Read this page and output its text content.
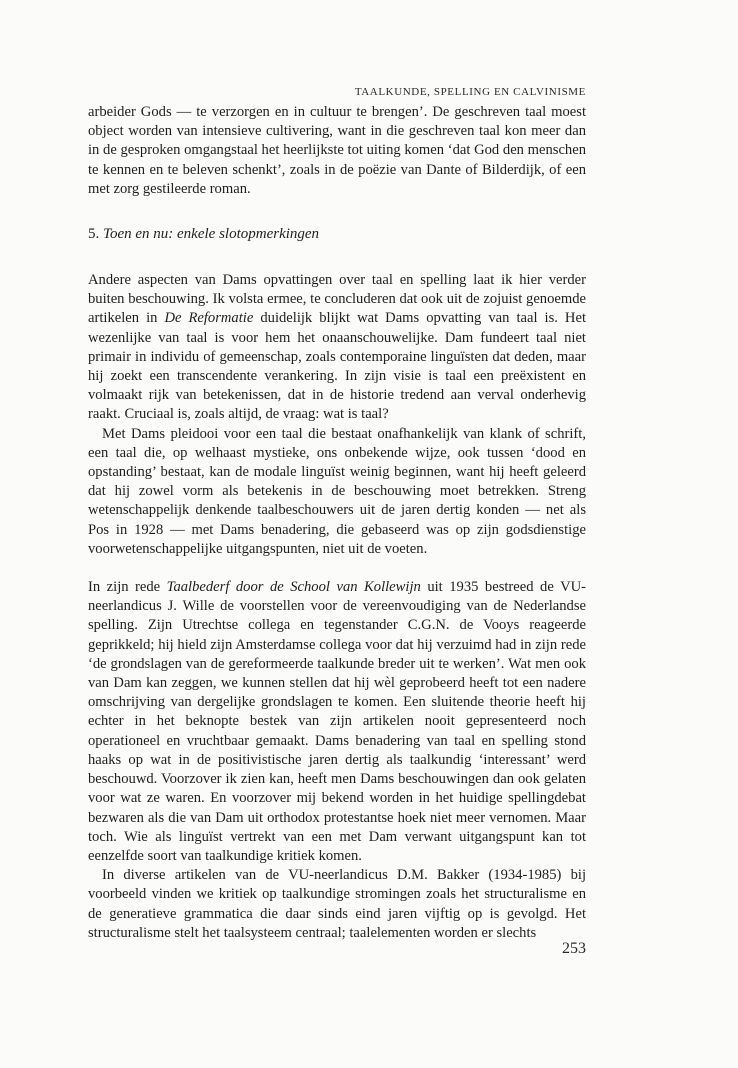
TAALKUNDE, SPELLING EN CALVINISME

arbeider Gods — te verzorgen en in cultuur te brengen’. De geschreven taal moest object worden van intensieve cultivering, want in die geschreven taal kon meer dan in de gesproken omgangstaal het heerlijkste tot uiting komen ‘dat God den menschen te kennen en te beleven schenkt’, zoals in de poëzie van Dante of Bilderdijk, of een met zorg gestileerde roman.

5. Toen en nu: enkele slotopmerkingen

Andere aspecten van Dams opvattingen over taal en spelling laat ik hier verder buiten beschouwing. Ik volsta ermee, te concluderen dat ook uit de zojuist genoemde artikelen in De Reformatie duidelijk blijkt wat Dams opvatting van taal is. Het wezenlijke van taal is voor hem het onaanschouwelijke. Dam fundeert taal niet primair in individu of gemeenschap, zoals contemporaine linguïsten dat deden, maar hij zoekt een transcendente verankering. In zijn visie is taal een preëxistent en volmaakt rijk van betekenissen, dat in de historie tredend aan verval onderhevig raakt. Cruciaal is, zoals altijd, de vraag: wat is taal?

Met Dams pleidooi voor een taal die bestaat onafhankelijk van klank of schrift, een taal die, op welhaast mystieke, ons onbekende wijze, ook tussen ‘dood en opstanding’ bestaat, kan de modale linguïst weinig beginnen, want hij heeft geleerd dat hij zowel vorm als betekenis in de beschouwing moet betrekken. Streng wetenschappelijk denkende taalbeschouwers uit de jaren dertig konden — net als Pos in 1928 — met Dams benadering, die gebaseerd was op zijn godsdienstige voorwetenschappelijke uitgangspunten, niet uit de voeten.

In zijn rede Taalbederf door de School van Kollewijn uit 1935 bestreed de VU-neerlandicus J. Wille de voorstellen voor de vereenvoudiging van de Nederlandse spelling. Zijn Utrechtse collega en tegenstander C.G.N. de Vooys reageerde geprikkeld; hij hield zijn Amsterdamse collega voor dat hij verzuimd had in zijn rede ‘de grondslagen van de gereformeerde taalkunde breder uit te werken’. Wat men ook van Dam kan zeggen, we kunnen stellen dat hij wèl geprobeerd heeft tot een nadere omschrijving van dergelijke grondslagen te komen. Een sluitende theorie heeft hij echter in het beknopte bestek van zijn artikelen nooit gepresenteerd noch operationeel en vruchtbaar gemaakt. Dams benadering van taal en spelling stond haaks op wat in de positivistische jaren dertig als taalkundig ‘interessant’ werd beschouwd. Voorzover ik zien kan, heeft men Dams beschouwingen dan ook gelaten voor wat ze waren. En voorzover mij bekend worden in het huidige spellingdebat bezwaren als die van Dam uit orthodox protestantse hoek niet meer vernomen. Maar toch. Wie als linguïst vertrekt van een met Dam verwant uitgangspunt kan tot eenzelfde soort van taalkundige kritiek komen.

In diverse artikelen van de VU-neerlandicus D.M. Bakker (1934-1985) bij voorbeeld vinden we kritiek op taalkundige stromingen zoals het structuralisme en de generatieve grammatica die daar sinds eind jaren vijftig op is gevolgd. Het structuralisme stelt het taalsysteem centraal; taalelementen worden er slechts

253
